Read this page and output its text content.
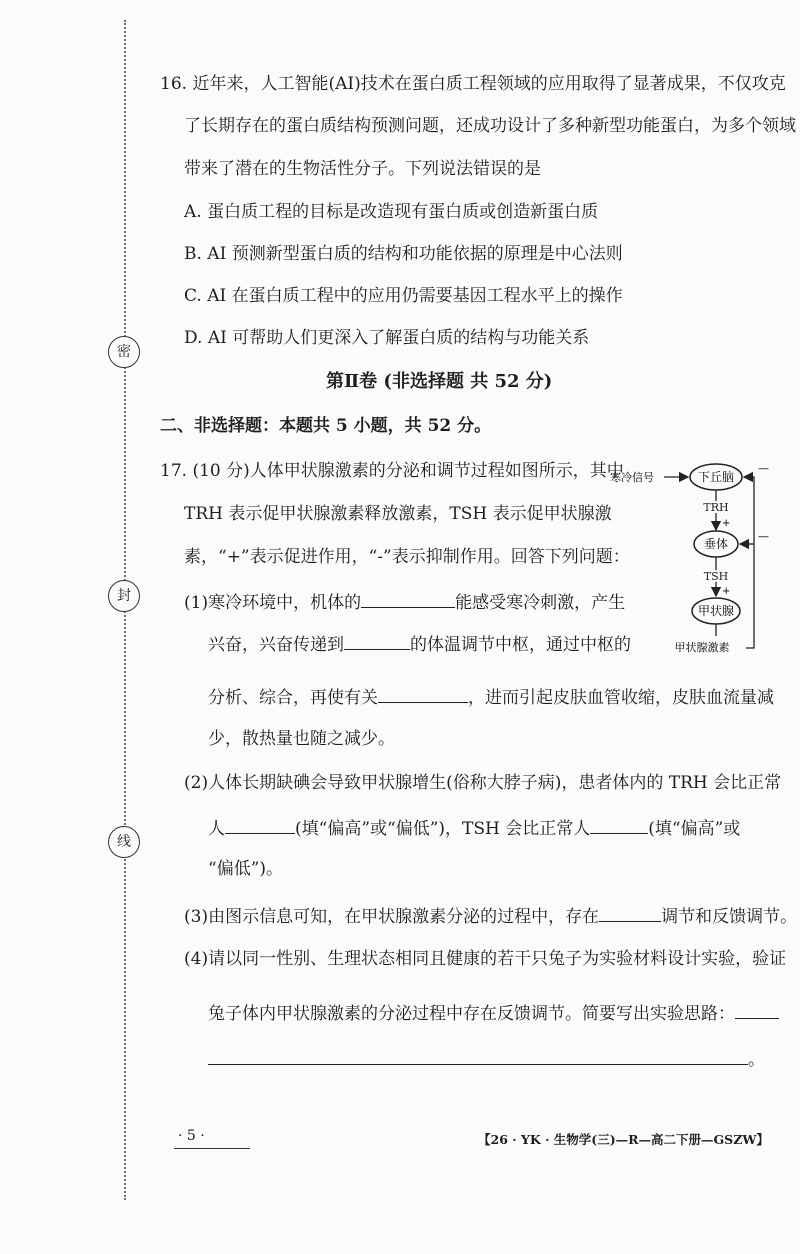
密
封
线
16. 近年来，人工智能(AI)技术在蛋白质工程领域的应用取得了显著成果，不仅攻克
了长期存在的蛋白质结构预测问题，还成功设计了多种新型功能蛋白，为多个领域
带来了潜在的生物活性分子。下列说法错误的是
A. 蛋白质工程的目标是改造现有蛋白质或创造新蛋白质
B. AI 预测新型蛋白质的结构和功能依据的原理是中心法则
C. AI 在蛋白质工程中的应用仍需要基因工程水平上的操作
D. AI 可帮助人们更深入了解蛋白质的结构与功能关系
第Ⅱ卷 (非选择题 共 52 分)
二、非选择题：本题共 5 小题，共 52 分。
17. (10 分)人体甲状腺激素的分泌和调节过程如图所示，其中
TRH 表示促甲状腺激素释放激素，TSH 表示促甲状腺激
素，“+”表示促进作用，“-”表示抑制作用。回答下列问题：
(1)寒冷环境中，机体的	能感受寒冷刺激，产生
兴奋，兴奋传递到	的体温调节中枢，通过中枢的
分析、综合，再使有关	，进而引起皮肤血管收缩，皮肤血流量减
少，散热量也随之减少。
(2)人体长期缺碘会导致甲状腺增生(俗称大脖子病)，患者体内的 TRH 会比正常
人	(填“偏高”或“偏低”)，TSH 会比正常人	(填“偏高”或
“偏低”)。
(3)由图示信息可知，在甲状腺激素分泌的过程中，存在	调节和反馈调节。
(4)请以同一性别、生理状态相同且健康的若干只兔子为实验材料设计实验，验证
兔子体内甲状腺激素的分泌过程中存在反馈调节。简要写出实验思路：
。
寒冷信号	下丘脑
TRH
+
垂体
TSH
+
甲状腺
甲状腺激素
—
—
· 5 ·	【26 · YK · 生物学(三)—R—高二下册—GSZW】
